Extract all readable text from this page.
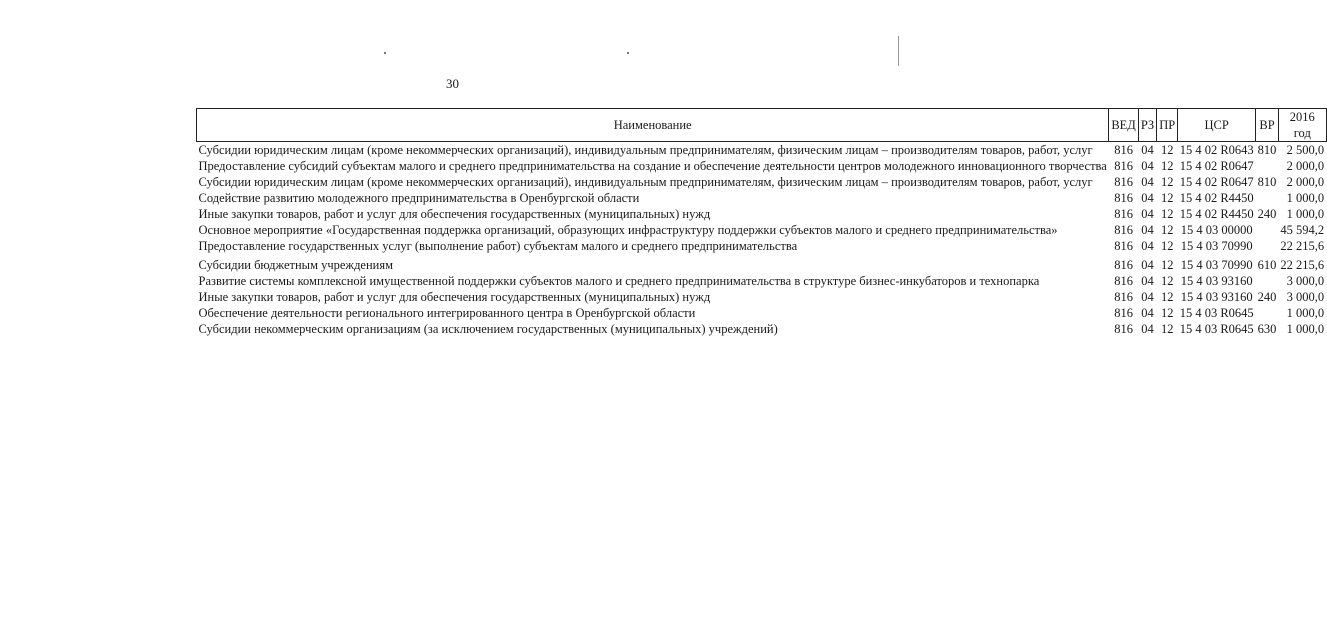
30
Наименование	ВЕД	РЗ	ПР	ЦСР	ВР	2016 год
Субсидии юридическим лицам (кроме некоммерческих организаций), индивидуальным предпринимателям, физическим лицам – производителям товаров, работ, услуг	816	04	12	15 4 02 R0643	810	2 500,0
Предоставление субсидий субъектам малого и среднего предпринимательства на создание и обеспечение деятельности центров молодежного инновационного творчества	816	04	12	15 4 02 R0647		2 000,0
Субсидии юридическим лицам (кроме некоммерческих организаций), индивидуальным предпринимателям, физическим лицам – производителям товаров, работ, услуг	816	04	12	15 4 02 R0647	810	2 000,0
Содействие развитию молодежного предпринимательства в Оренбургской области	816	04	12	15 4 02 R4450		1 000,0
Иные закупки товаров, работ и услуг для обеспечения государственных (муниципальных) нужд	816	04	12	15 4 02 R4450	240	1 000,0
Основное мероприятие «Государственная поддержка организаций, образующих инфраструктуру поддержки субъектов малого и среднего предпринимательства»	816	04	12	15 4 03 00000		45 594,2
Предоставление государственных услуг (выполнение работ) субъектам малого и среднего предпринимательства	816	04	12	15 4 03 70990		22 215,6
Субсидии бюджетным учреждениям	816	04	12	15 4 03 70990	610	22 215,6
Развитие системы комплексной имущественной поддержки субъектов малого и среднего предпринимательства в структуре бизнес-инкубаторов и технопарка	816	04	12	15 4 03 93160		3 000,0
Иные закупки товаров, работ и услуг для обеспечения государственных (муниципальных) нужд	816	04	12	15 4 03 93160	240	3 000,0
Обеспечение деятельности регионального интегрированного центра в Оренбургской области	816	04	12	15 4 03 R0645		1 000,0
Субсидии некоммерческим организациям (за исключением государственных (муниципальных) учреждений)	816	04	12	15 4 03 R0645	630	1 000,0
